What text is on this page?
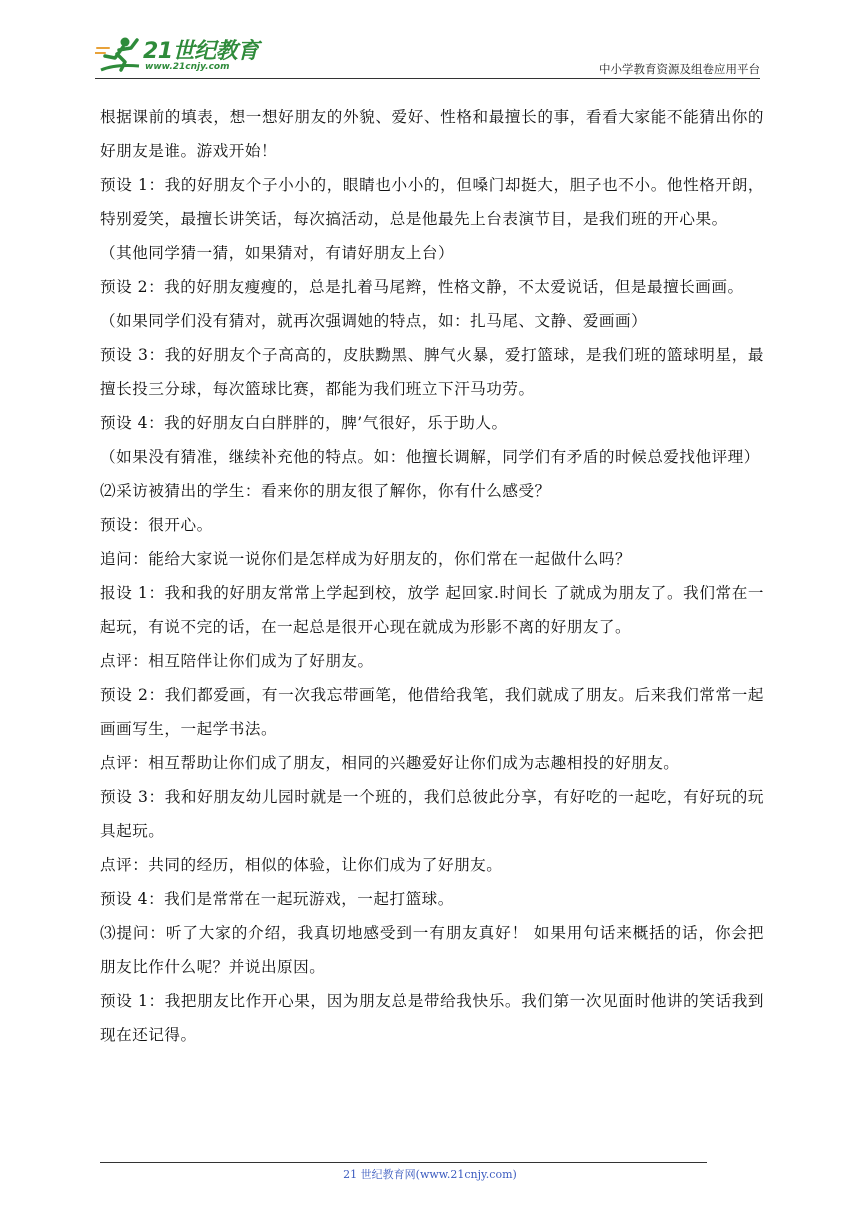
21世纪教育
www.21cnjy.com	中小学教育资源及组卷应用平台

根据课前的填表，想一想好朋友的外貌、爱好、性格和最擅长的事，看看大家能不能猜出你的好朋友是谁。游戏开始！

预设 1：我的好朋友个子小小的，眼睛也小小的，但嗓门却挺大，胆子也不小。他性格开朗，特别爱笑，最擅长讲笑话，每次搞活动，总是他最先上台表演节目，是我们班的开心果。

（其他同学猜一猜，如果猜对，有请好朋友上台）

预设 2：我的好朋友瘦瘦的，总是扎着马尾辫，性格文静，不太爱说话，但是最擅长画画。

（如果同学们没有猜对，就再次强调她的特点，如：扎马尾、文静、爱画画）

预设 3：我的好朋友个子高高的，皮肤黝黑、脾气火暴，爱打篮球，是我们班的篮球明星，最擅长投三分球，每次篮球比赛，都能为我们班立下汗马功劳。

预设 4：我的好朋友白白胖胖的，脾’气很好，乐于助人。

（如果没有猜准，继续补充他的特点。如：他擅长调解，同学们有矛盾的时候总爱找他评理）

⑵采访被猜出的学生：看来你的朋友很了解你，你有什么感受？

预设：很开心。

追问：能给大家说一说你们是怎样成为好朋友的，你们常在一起做什么吗？

报设 1：我和我的好朋友常常上学起到校，放学 起回家.时间长 了就成为朋友了。我们常在一起玩，有说不完的话，在一起总是很开心现在就成为形影不离的好朋友了。

点评：相互陪伴让你们成为了好朋友。

预设 2：我们都爱画，有一次我忘带画笔，他借给我笔，我们就成了朋友。后来我们常常一起画画写生，一起学书法。

点评：相互帮助让你们成了朋友，相同的兴趣爱好让你们成为志趣相投的好朋友。

预设 3：我和好朋友幼儿园时就是一个班的，我们总彼此分享，有好吃的一起吃，有好玩的玩具起玩。

点评：共同的经历，相似的体验，让你们成为了好朋友。

预设 4：我们是常常在一起玩游戏，一起打篮球。

⑶提问：听了大家的介绍，我真切地感受到一有朋友真好！ 如果用句话来概括的话，你会把朋友比作什么呢？并说出原因。

预设 1：我把朋友比作开心果，因为朋友总是带给我快乐。我们第一次见面时他讲的笑话我到现在还记得。

21 世纪教育网(www.21cnjy.com)
